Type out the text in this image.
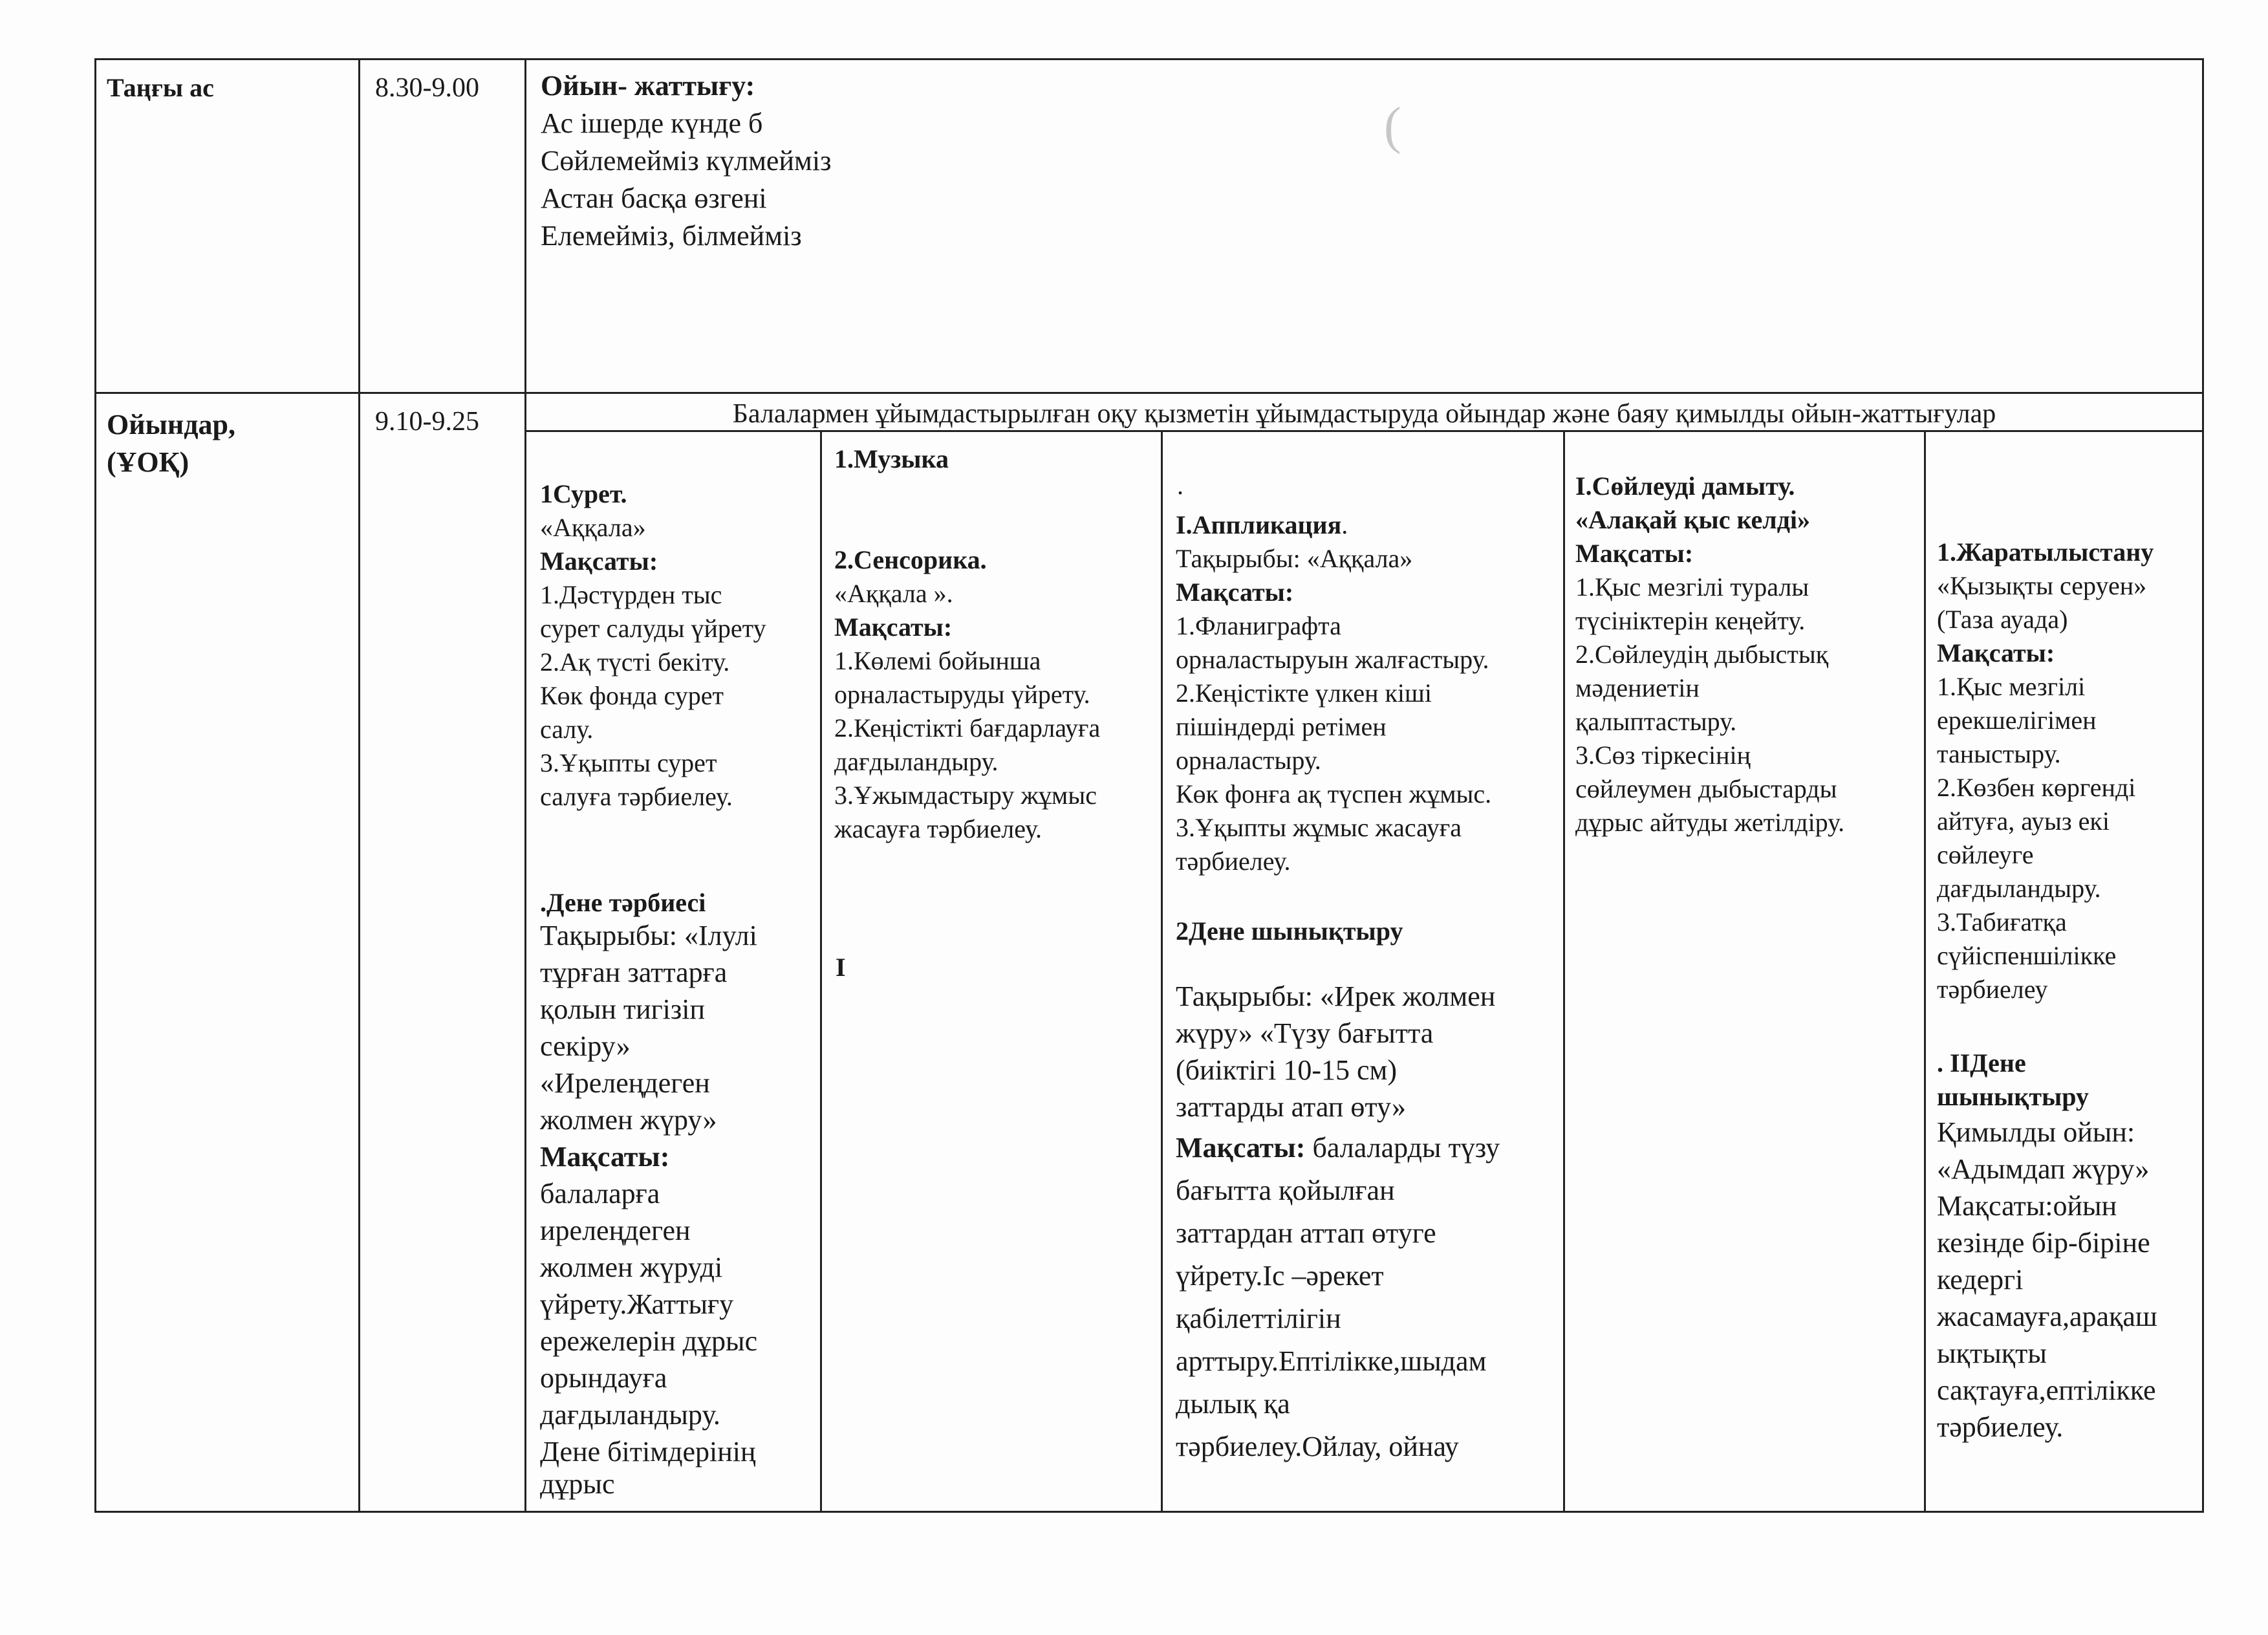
Таңғы ас	8.30-9.00 Ойын- жаттығу:
Ас ішерде күнде б
Сөйлемейміз күлмейміз
Астан басқа өзгені
Елемейміз, білмейміз
(
Ойындар,
(ҰОҚ)
9.10-9.25	Балалармен ұйымдастырылған оқу қызметін ұйымдастыруда ойындар және баяу қимылды ойын-жаттығулар
1Сурет.
«Аққала»
Мақсаты:
1.Дәстүрден тыс
сурет салуды үйрету
2.Ақ түсті бекіту.
Көк фонда сурет
салу.
3.Ұқыпты сурет
салуға тәрбиелеу.
.Дене тәрбиесі
Тақырыбы: «Ілулі
тұрған заттарға
қолын тигізіп
секіру»
«Ирелеңдеген
жолмен жүру»
Мақсаты:
балаларға
ирелеңдеген
жолмен жүруді
үйрету.Жаттығу
ережелерін дұрыс
орындауға
дағдыландыру.
Дене бітімдерінің
дұрыс
1.Музыка
2.Сенсорика.
«Аққала ».
Мақсаты:
1.Көлемі бойынша
орналастыруды үйрету.
2.Кеңістікті бағдарлауға
дағдыландыру.
3.Ұжымдастыру жұмыс
жасауға тәрбиелеу.
I
.
І.Аппликация.
Тақырыбы: «Аққала»
Мақсаты:
1.Фланиграфта
орналастыруын жалғастыру.
2.Кеңістікте үлкен кіші
пішіндерді ретімен
орналастыру.
Көк фонға ақ түспен жұмыс.
3.Ұқыпты жұмыс жасауға
тәрбиелеу.
2Дене шынықтыру
Тақырыбы: «Ирек жолмен
жүру» «Түзу бағытта
(биіктігі 10-15 см)
заттарды атап өту»
Мақсаты: балаларды түзу
бағытта қойылған
заттардан аттап өтуге
үйрету.Іс –әрекет
қабілеттілігін
арттыру.Ептілікке,шыдам
дылық қа
тәрбиелеу.Ойлау, ойнау
І.Сөйлеуді дамыту.
«Алақай қыс келді»
Мақсаты:
1.Қыс мезгілі туралы
түсініктерін кеңейту.
2.Сөйлеудің дыбыстық
мәдениетін
қалыптастыру.
3.Сөз тіркесінің
сөйлеумен дыбыстарды
дұрыс айтуды жетілдіру.
1.Жаратылыстану
«Қызықты серуен»
(Таза ауада)
Мақсаты:
1.Қыс мезгілі
ерекшелігімен
таныстыру.
2.Көзбен көргенді
айтуға, ауыз екі
сөйлеуге
дағдыландыру.
3.Табиғатқа
сүйіспеншілікке
тәрбиелеу
. ІІДене
шынықтыру
Қимылды ойын:
«Адымдап жүру»
Мақсаты:ойын
кезінде бір-біріне
кедергі
жасамауға,арақаш
ықтықты
сақтауға,ептілікке
тәрбиелеу.
